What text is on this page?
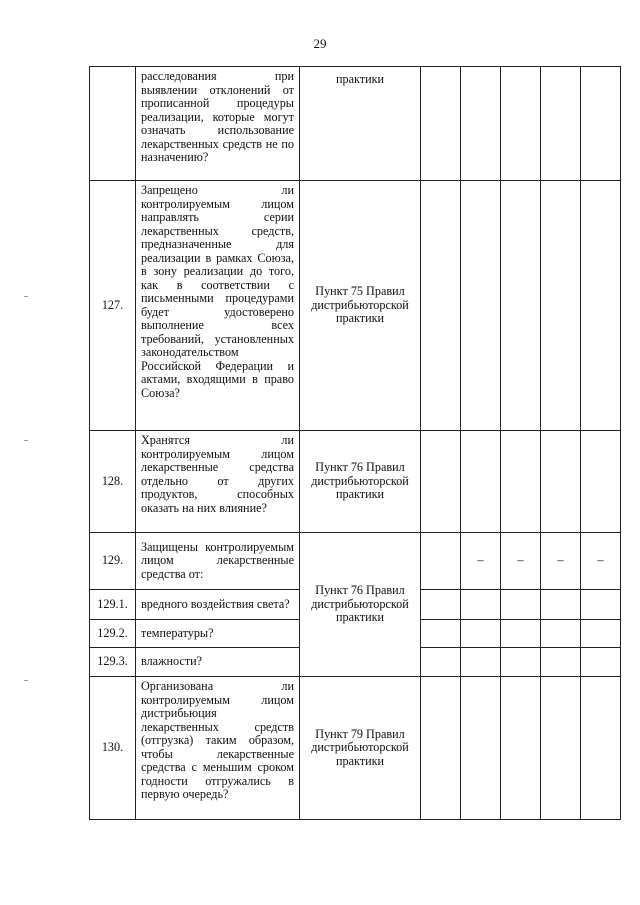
29
	расследования при выявлении отклонений от прописанной процедуры реализации, которые могут означать использование лекарственных средств не по назначению?	практики					
127.	Запрещено ли контролируемым лицом направлять серии лекарственных средств, предназначенные для реализации в рамках Союза, в зону реализации до того, как в соответствии с письменными процедурами будет удостоверено выполнение всех требований, установленных законодательством Российской Федерации и актами, входящими в право Союза?	Пункт 75 Правил дистрибьюторской практики					
128.	Хранятся ли контролируемым лицом лекарственные средства отдельно от других продуктов, способных оказать на них влияние?	Пункт 76 Правил дистрибьюторской практики					
129.	Защищены контролируемым лицом лекарственные средства от:	Пункт 76 Правил дистрибьюторской практики		–	–	–	–
129.1.	вредного воздействия света?						
129.2.	температуры?						
129.3.	влажности?						
130.	Организована ли контролируемым лицом дистрибьюция лекарственных средств (отгрузка) таким образом, чтобы лекарственные средства с меньшим сроком годности отгружались в первую очередь?	Пункт 79 Правил дистрибьюторской практики					
